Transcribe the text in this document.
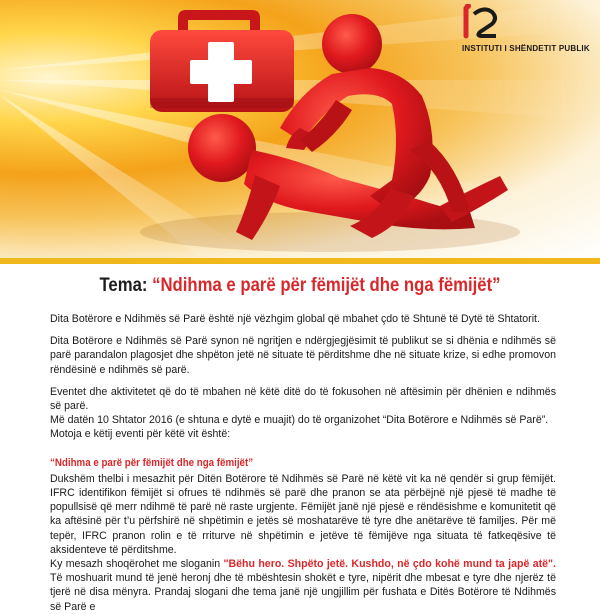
INSTITUTI I SHËNDETIT PUBLIK
Tema: “Ndihma e parë për fëmijët dhe nga fëmijët”

Dita Botërore e Ndihmës së Parë është një vëzhgim global që mbahet çdo të Shtunë të Dytë të Shtatorit.

Dita Botërore e Ndihmës së Parë synon në ngritjen e ndërgjegjësimit të publikut se si dhënia e ndihmës së parë parandalon plagosjet dhe shpëton jetë në situate të përditshme dhe në situate krize, si edhe promovon rëndësinë e ndihmës së parë.

Eventet dhe aktivitetet që do të mbahen në këtë ditë do të fokusohen në aftësimin për dhënien e ndihmës së parë.

Më datën 10 Shtator 2016 (e shtuna e dytë e muajit) do të organizohet “Dita Botërore e Ndihmës së Parë”.

Motoja e këtij eventi për këtë vit është:

“Ndihma e parë për fëmijët dhe nga fëmijët”

Dukshëm thelbi i mesazhit për Ditën Botërore të Ndihmës së Parë në këtë vit ka në qendër si grup fëmijët. IFRC identifikon fëmijët si ofrues të ndihmës së parë dhe pranon se ata përbëjnë një pjesë të madhe të popullsisë që merr ndihmë të parë në raste urgjente. Fëmijët janë një pjesë e rëndësishme e komunitetit që ka aftësinë për t’u përfshirë në shpëtimin e jetës së moshatarëve të tyre dhe anëtarëve të familjes. Për më tepër, IFRC pranon rolin e të rriturve në shpëtimin e jetëve të fëmijëve nga situata të fatkeqësive të aksidenteve të përditshme.

Ky mesazh shoqërohet me sloganin "Bëhu hero. Shpëto jetë. Kushdo, në çdo kohë mund ta japë atë". Të moshuarit mund të jenë heronj dhe të mbështesin shokët e tyre, nipërit dhe mbesat e tyre dhe njerëz të tjerë në disa mënyra. Prandaj slogani dhe tema janë një ungjillim për fushata e Ditës Botërore të Ndihmës së Parë e
